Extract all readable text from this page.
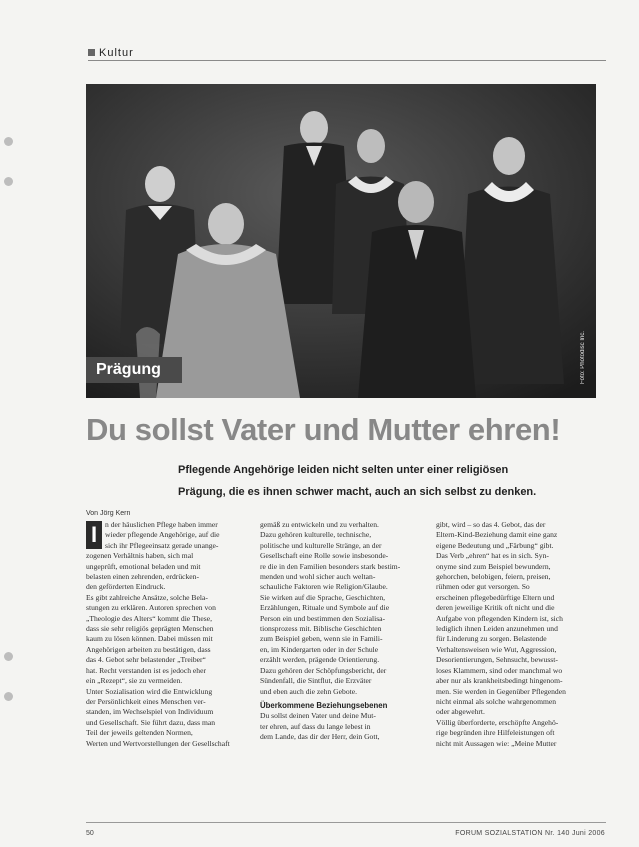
Kultur
Foto: Photodisc Inc.
Prägung
Du sollst Vater und Mutter ehren!
Pflegende Angehörige leiden nicht selten unter einer religiösen
Prägung, die es ihnen schwer macht, auch an sich selbst zu denken.
Von Jörg Kern
I	n der häuslichen Pflege haben immer
wieder pflegende Angehörige, auf die
sich ihr Pflegeeinsatz gerade unange-
zogenen Verhältnis haben, sich mal
ungeprüft, emotional beladen und mit
belasten einen zehrenden, erdrücken-
den geförderten Eindruck.
Es gibt zahlreiche Ansätze, solche Bela-
stungen zu erklären. Autoren sprechen von
„Theologie des Alters“ kommt die These,
dass sie sehr religiös geprägten Menschen
kaum zu lösen können. Dabei müssen mit
Angehörigen arbeiten zu bestätigen, dass
das 4. Gebot sehr belastender „Treiber“
hat. Recht verstanden ist es jedoch eher
ein „Rezept“, sie zu vermeiden.
Unter Sozialisation wird die Entwicklung
der Persönlichkeit eines Menschen ver-
standen, im Wechselspiel von Individuum
und Gesellschaft. Sie führt dazu, dass man
Teil der jeweils geltenden Normen,
Werten und Wertvorstellungen der Gesellschaft

gemäß zu entwickeln und zu verhalten.
Dazu gehören kulturelle, technische,
politische und kulturelle Stränge, an der
Gesellschaft eine Rolle sowie insbesonde-
re die in den Familien besonders stark bestim-
menden und wohl sicher auch weltan-
schauliche Faktoren wie Religion/Glaube.
Sie wirken auf die Sprache, Geschichten,
Erzählungen, Rituale und Symbole auf die
Person ein und bestimmen den Sozialisa-
tionsprozess mit. Biblische Geschichten
zum Beispiel geben, wenn sie in Famili-
en, im Kindergarten oder in der Schule
erzählt werden, prägende Orientierung.
Dazu gehören der Schöpfungsbericht, der
Sündenfall, die Sintflut, die Erzväter
und eben auch die zehn Gebote.

Überkommene Beziehungsebenen

Du sollst deinen Vater und deine Mut-
ter ehren, auf dass du lange lebest in
dem Lande, das dir der Herr, dein Gott,

gibt, wird – so das 4. Gebot, das der
Eltern-Kind-Beziehung damit eine ganz
eigene Bedeutung und „Färbung“ gibt.
Das Verb „ehren“ hat es in sich. Syn-
onyme sind zum Beispiel bewundern,
gehorchen, belobigen, feiern, preisen,
rühmen oder gut versorgen. So
erscheinen pflegebedürftige Eltern und
deren jeweilige Kritik oft nicht und die
Aufgabe von pflegenden Kindern ist, sich
lediglich ihnen Leiden anzunehmen und
für Linderung zu sorgen. Belastende
Verhaltensweisen wie Wut, Aggression,
Desorientierungen, Sehnsucht, bewusst-
loses Klammern, sind oder manchmal wo
aber nur als krankheitsbedingt hingenom-
men. Sie werden in Gegenüber Pflegenden
nicht einmal als solche wahrgenommen
oder abgewehrt.
Völlig überforderte, erschöpfte Angehö-
rige begründen ihre Hilfeleistungen oft
nicht mit Aussagen wie: „Meine Mutter

50	FORUM SOZIALSTATION Nr. 140 Juni 2006
